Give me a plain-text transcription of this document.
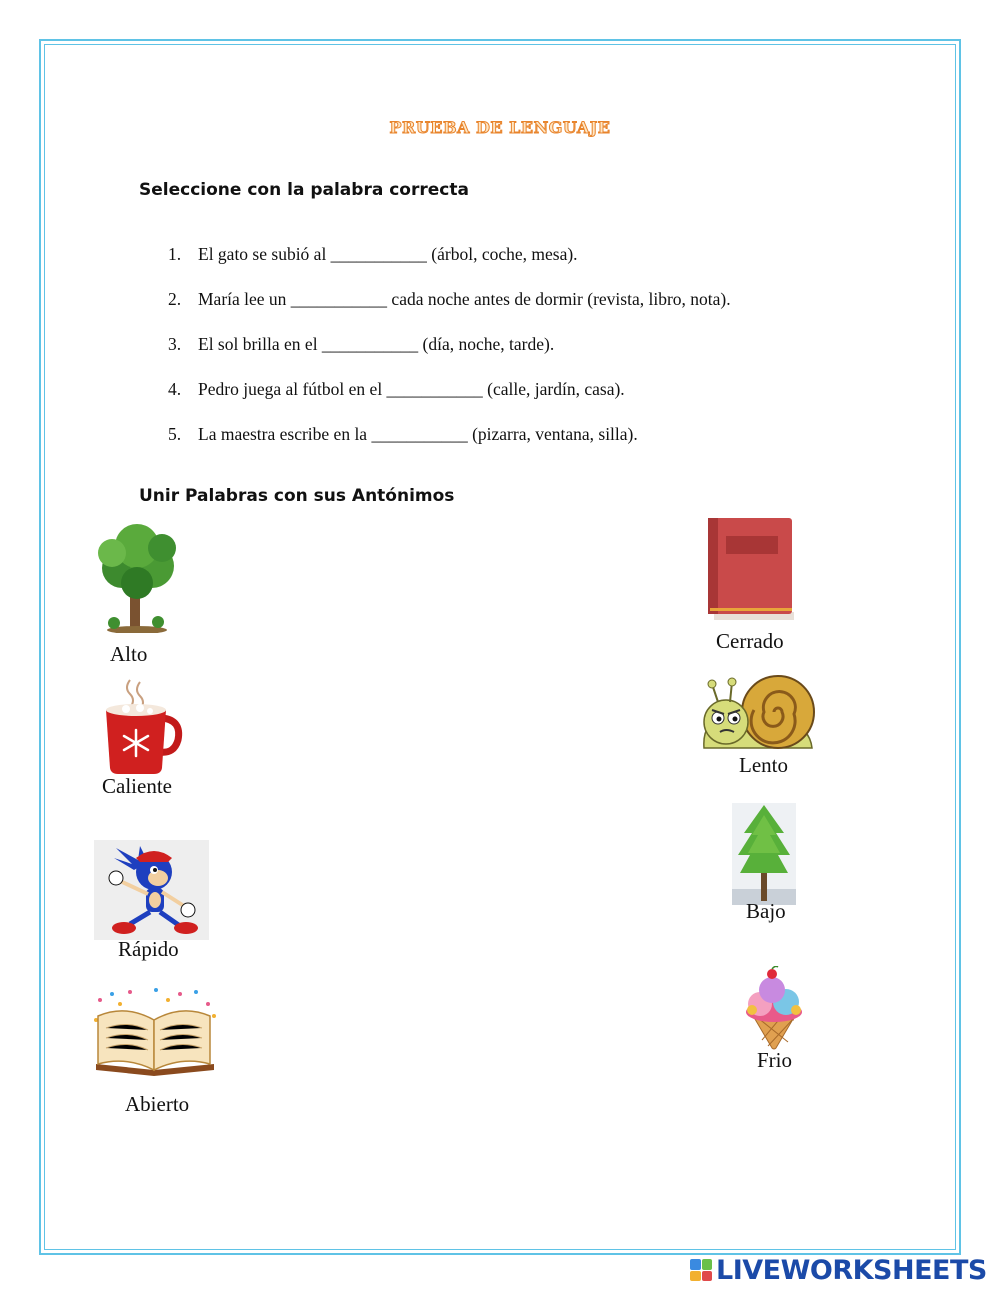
PRUEBA DE LENGUAJE
Seleccione con la palabra correcta
1. El gato se subió al ___________ (árbol, coche, mesa).
2. María lee un ___________ cada noche antes de dormir (revista, libro, nota).
3. El sol brilla en el ___________ (día, noche, tarde).
4. Pedro juega al fútbol en el ___________ (calle, jardín, casa).
5. La maestra escribe en la ___________ (pizarra, ventana, silla).
Unir Palabras con sus Antónimos
Alto
Caliente
Rápido
Abierto
Cerrado
Lento
Bajo
Frio
LIVEWORKSHEETS
